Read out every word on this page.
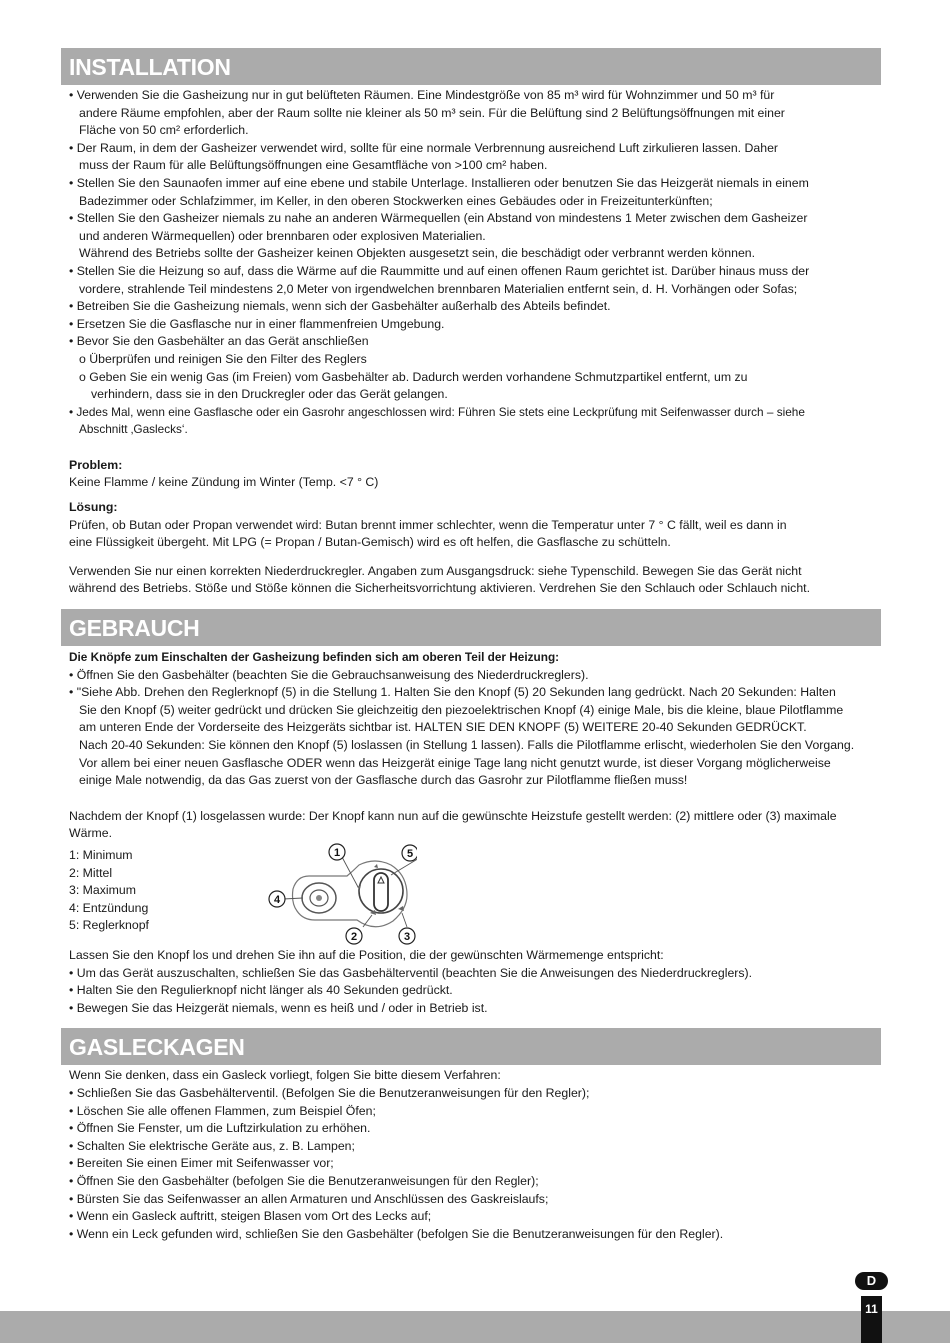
INSTALLATION
• Verwenden Sie die Gasheizung nur in gut belüfteten Räumen. Eine Mindestgröße von 85 m³ wird für Wohnzimmer und 50 m³ für
andere Räume empfohlen, aber der Raum sollte nie kleiner als 50 m³ sein. Für die Belüftung sind 2 Belüftungsöffnungen mit einer
Fläche von 50 cm² erforderlich.
• Der Raum, in dem der Gasheizer verwendet wird, sollte für eine normale Verbrennung ausreichend Luft zirkulieren lassen. Daher
muss der Raum für alle Belüftungsöffnungen eine Gesamtfläche von >100 cm² haben.
• Stellen Sie den Saunaofen immer auf eine ebene und stabile Unterlage. Installieren oder benutzen Sie das Heizgerät niemals in einem
Badezimmer oder Schlafzimmer, im Keller, in den oberen Stockwerken eines Gebäudes oder in Freizeitunterkünften;
• Stellen Sie den Gasheizer niemals zu nahe an anderen Wärmequellen (ein Abstand von mindestens 1 Meter zwischen dem Gasheizer
und anderen Wärmequellen) oder brennbaren oder explosiven Materialien.
Während des Betriebs sollte der Gasheizer keinen Objekten ausgesetzt sein, die beschädigt oder verbrannt werden können.
• Stellen Sie die Heizung so auf, dass die Wärme auf die Raummitte und auf einen offenen Raum gerichtet ist. Darüber hinaus muss der
vordere, strahlende Teil mindestens 2,0 Meter von irgendwelchen brennbaren Materialien entfernt sein, d. H. Vorhängen oder Sofas;
• Betreiben Sie die Gasheizung niemals, wenn sich der Gasbehälter außerhalb des Abteils befindet.
• Ersetzen Sie die Gasflasche nur in einer flammenfreien Umgebung.
• Bevor Sie den Gasbehälter an das Gerät anschließen
o Überprüfen und reinigen Sie den Filter des Reglers
o Geben Sie ein wenig Gas (im Freien) vom Gasbehälter ab. Dadurch werden vorhandene Schmutzpartikel entfernt, um zu
verhindern, dass sie in den Druckregler oder das Gerät gelangen.
• Jedes Mal, wenn eine Gasflasche oder ein Gasrohr angeschlossen wird: Führen Sie stets eine Leckprüfung mit Seifenwasser durch – siehe
Abschnitt ‚Gaslecks‘.
Problem:
Keine Flamme / keine Zündung im Winter (Temp. <7 ° C)
Lösung:
Prüfen, ob Butan oder Propan verwendet wird: Butan brennt immer schlechter, wenn die Temperatur unter 7 ° C fällt, weil es dann in
eine Flüssigkeit übergeht. Mit LPG (= Propan / Butan-Gemisch) wird es oft helfen, die Gasflasche zu schütteln.
Verwenden Sie nur einen korrekten Niederdruckregler. Angaben zum Ausgangsdruck: siehe Typenschild. Bewegen Sie das Gerät nicht
während des Betriebs. Stöße und Stöße können die Sicherheitsvorrichtung aktivieren. Verdrehen Sie den Schlauch oder Schlauch nicht.
GEBRAUCH
Die Knöpfe zum Einschalten der Gasheizung befinden sich am oberen Teil der Heizung:
• Öffnen Sie den Gasbehälter (beachten Sie die Gebrauchsanweisung des Niederdruckreglers).
• "Siehe Abb. Drehen den Reglerknopf (5) in die Stellung 1. Halten Sie den Knopf (5) 20 Sekunden lang gedrückt. Nach 20 Sekunden: Halten
Sie den Knopf (5) weiter gedrückt und drücken Sie gleichzeitig den piezoelektrischen Knopf (4) einige Male, bis die kleine, blaue Pilotflamme
am unteren Ende der Vorderseite des Heizgeräts sichtbar ist. HALTEN SIE DEN KNOPF (5) WEITERE 20-40 Sekunden GEDRÜCKT.
Nach 20-40 Sekunden: Sie können den Knopf (5) loslassen (in Stellung 1 lassen). Falls die Pilotflamme erlischt, wiederholen Sie den Vorgang.
Vor allem bei einer neuen Gasflasche ODER wenn das Heizgerät einige Tage lang nicht genutzt wurde, ist dieser Vorgang möglicherweise
einige Male notwendig, da das Gas zuerst von der Gasflasche durch das Gasrohr zur Pilotflamme fließen muss!
Nachdem der Knopf (1) losgelassen wurde: Der Knopf kann nun auf die gewünschte Heizstufe gestellt werden: (2) mittlere oder (3) maximale
Wärme.
1: Minimum
2: Mittel
3: Maximum
4: Entzündung
5: Reglerknopf
1	5
4
2	3
Lassen Sie den Knopf los und drehen Sie ihn auf die Position, die der gewünschten Wärmemenge entspricht:
• Um das Gerät auszuschalten, schließen Sie das Gasbehälterventil (beachten Sie die Anweisungen des Niederdruckreglers).
• Halten Sie den Regulierknopf nicht länger als 40 Sekunden gedrückt.
• Bewegen Sie das Heizgerät niemals, wenn es heiß und / oder in Betrieb ist.
GASLECKAGEN
Wenn Sie denken, dass ein Gasleck vorliegt, folgen Sie bitte diesem Verfahren:
• Schließen Sie das Gasbehälterventil. (Befolgen Sie die Benutzeranweisungen für den Regler);
• Löschen Sie alle offenen Flammen, zum Beispiel Öfen;
• Öffnen Sie Fenster, um die Luftzirkulation zu erhöhen.
• Schalten Sie elektrische Geräte aus, z. B. Lampen;
• Bereiten Sie einen Eimer mit Seifenwasser vor;
• Öffnen Sie den Gasbehälter (befolgen Sie die Benutzeranweisungen für den Regler);
• Bürsten Sie das Seifenwasser an allen Armaturen und Anschlüssen des Gaskreislaufs;
• Wenn ein Gasleck auftritt, steigen Blasen vom Ort des Lecks auf;
• Wenn ein Leck gefunden wird, schließen Sie den Gasbehälter (befolgen Sie die Benutzeranweisungen für den Regler).
D
11
